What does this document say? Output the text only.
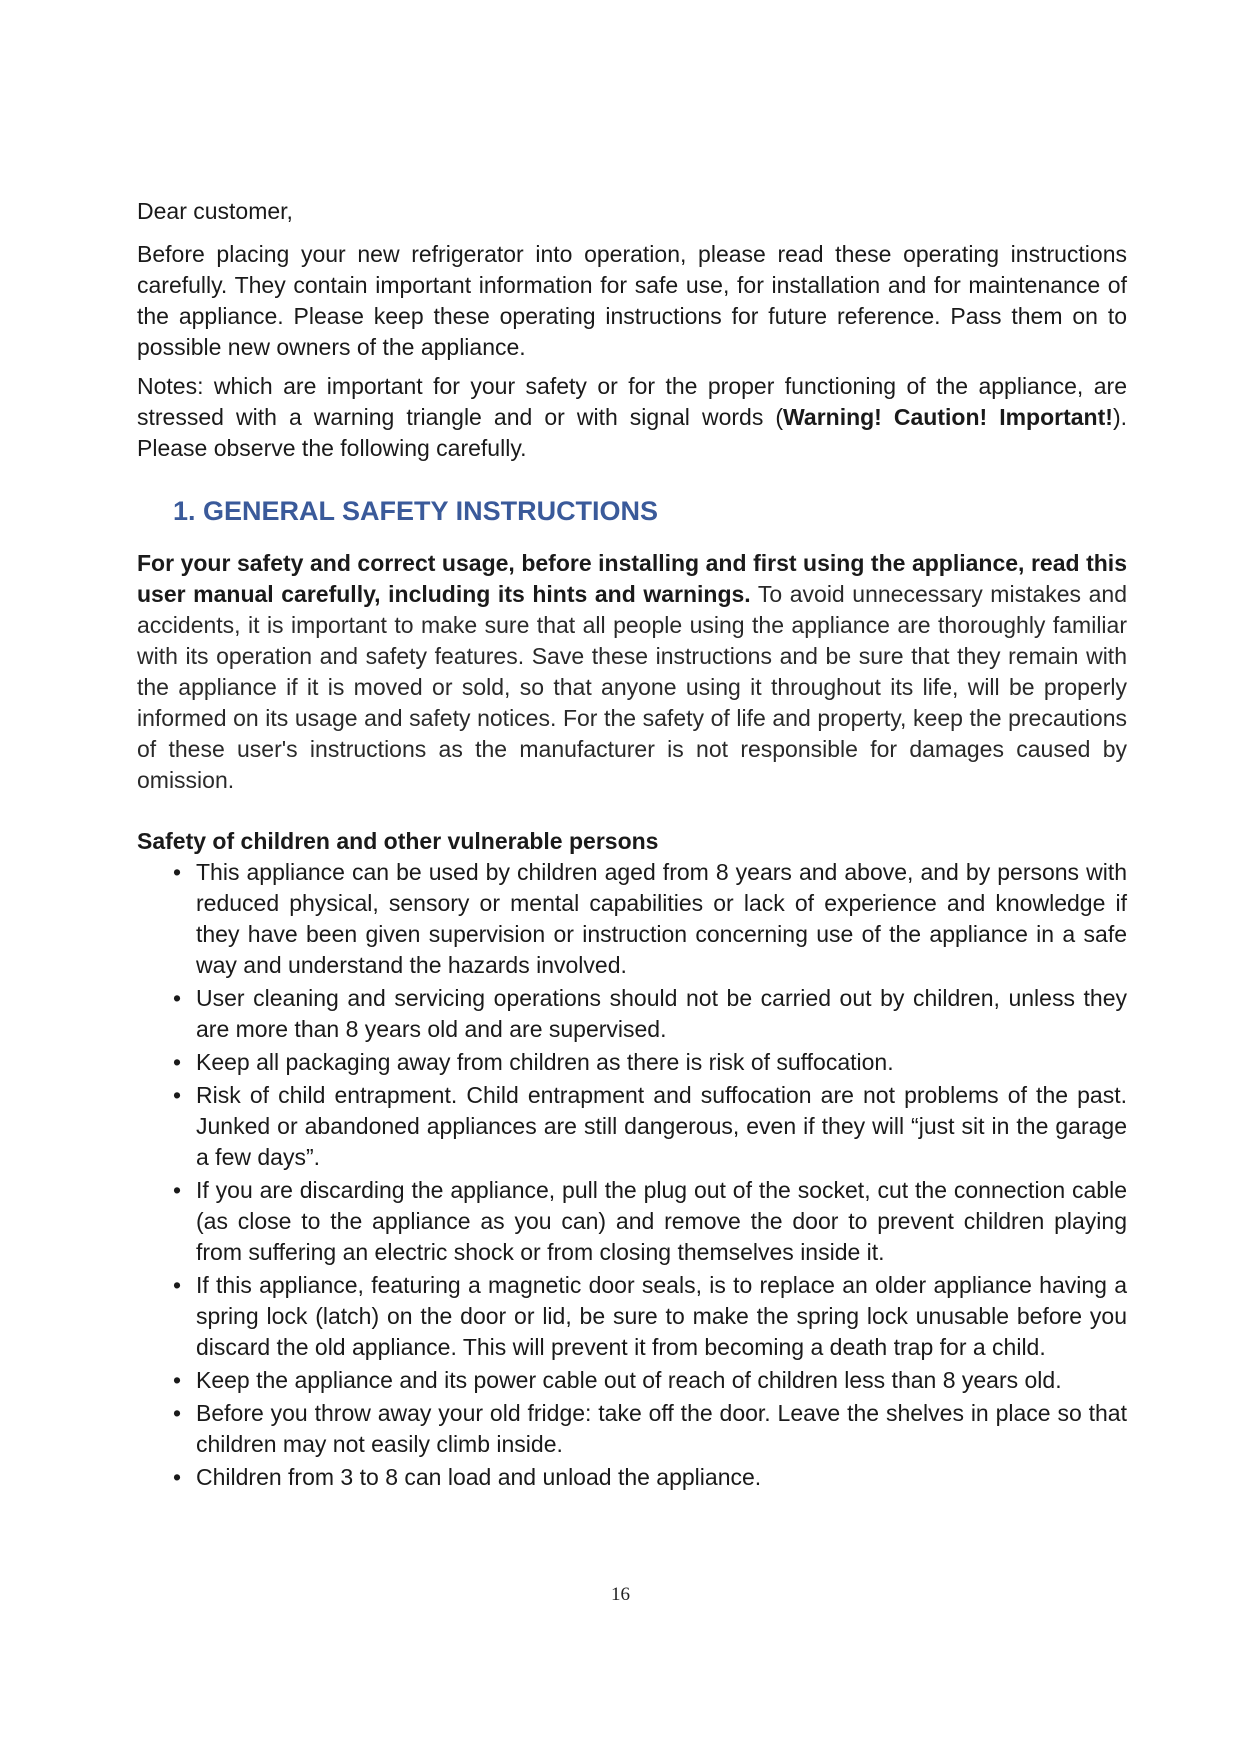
Dear customer,

Before placing your new refrigerator into operation, please read these operating instructions carefully. They contain important information for safe use, for installation and for maintenance of the appliance. Please keep these operating instructions for future reference. Pass them on to possible new owners of the appliance.

Notes: which are important for your safety or for the proper functioning of the appliance, are stressed with a warning triangle and or with signal words (Warning! Caution! Important!). Please observe the following carefully.

1. GENERAL SAFETY INSTRUCTIONS

For your safety and correct usage, before installing and first using the appliance, read this user manual carefully, including its hints and warnings. To avoid unnecessary mistakes and accidents, it is important to make sure that all people using the appliance are thoroughly familiar with its operation and safety features. Save these instructions and be sure that they remain with the appliance if it is moved or sold, so that anyone using it throughout its life, will be properly informed on its usage and safety notices. For the safety of life and property, keep the precautions of these user's instructions as the manufacturer is not responsible for damages caused by omission.

Safety of children and other vulnerable persons
• This appliance can be used by children aged from 8 years and above, and by persons with reduced physical, sensory or mental capabilities or lack of experience and knowledge if they have been given supervision or instruction concerning use of the appliance in a safe way and understand the hazards involved.
• User cleaning and servicing operations should not be carried out by children, unless they are more than 8 years old and are supervised.
• Keep all packaging away from children as there is risk of suffocation.
• Risk of child entrapment. Child entrapment and suffocation are not problems of the past. Junked or abandoned appliances are still dangerous, even if they will “just sit in the garage a few days”.
• If you are discarding the appliance, pull the plug out of the socket, cut the connection cable (as close to the appliance as you can) and remove the door to prevent children playing from suffering an electric shock or from closing themselves inside it.
• If this appliance, featuring a magnetic door seals, is to replace an older appliance having a spring lock (latch) on the door or lid, be sure to make the spring lock unusable before you discard the old appliance. This will prevent it from becoming a death trap for a child.
• Keep the appliance and its power cable out of reach of children less than 8 years old.
• Before you throw away your old fridge: take off the door. Leave the shelves in place so that children may not easily climb inside.
• Children from 3 to 8 can load and unload the appliance.
16
